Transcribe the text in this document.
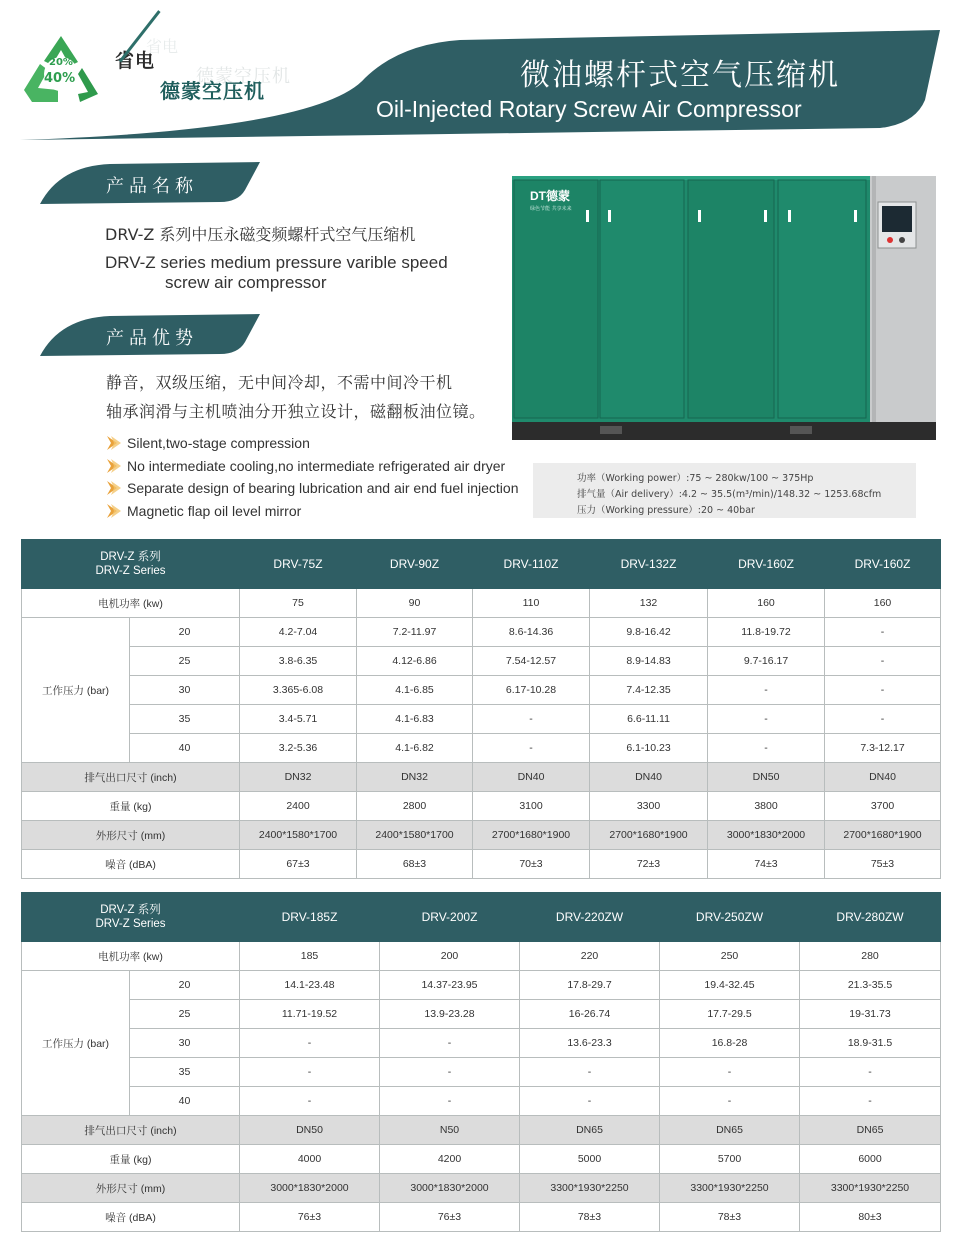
20%
40%
省电
德蒙空压机
省电
德蒙空压机	微油螺杆式空气压缩机
Oil-Injected Rotary Screw Air Compressor
产品名称
DRV-Z 系列中压永磁变频螺杆式空气压缩机
DRV-Z series medium pressure varible speed
screw air compressor
产品优势
静音，双级压缩，无中间冷却，不需中间冷干机
轴承润滑与主机喷油分开独立设计，磁翻板油位镜。
Silent,two-stage compression
No intermediate cooling,no intermediate refrigerated air dryer
Separate design of bearing lubrication and air end fuel injection
Magnetic flap oil level mirror
DT德蒙
绿色节能 共享未来
功率（Working power）:75 ~ 280kw/100 ~ 375Hp
排气量（Air delivery）:4.2 ~ 35.5(m³/min)/148.32 ~ 1253.68cfm
压力（Working pressure）:20 ~ 40bar
DRV-Z 系列
DRV-Z Series		DRV-75Z	DRV-90Z	DRV-110Z	DRV-132Z	DRV-160Z	DRV-160Z
电机功率 (kw)		75	90	110	132	160	160
工作压力 (bar)	20	4.2-7.04	7.2-11.97	8.6-14.36	9.8-16.42	11.8-19.72	-
	25	3.8-6.35	4.12-6.86	7.54-12.57	8.9-14.83	9.7-16.17	-
	30	3.365-6.08	4.1-6.85	6.17-10.28	7.4-12.35	-	-
	35	3.4-5.71	4.1-6.83	-	6.6-11.11	-	-
	40	3.2-5.36	4.1-6.82	-	6.1-10.23	-	7.3-12.17
排气出口尺寸 (inch)		DN32	DN32	DN40	DN40	DN50	DN40
重量 (kg)		2400	2800	3100	3300	3800	3700
外形尺寸 (mm)		2400*1580*1700	2400*1580*1700	2700*1680*1900	2700*1680*1900	3000*1830*2000	2700*1680*1900
噪音 (dBA)		67±3	68±3	70±3	72±3	74±3	75±3
DRV-Z 系列
DRV-Z Series		DRV-185Z	DRV-200Z	DRV-220ZW	DRV-250ZW	DRV-280ZW
电机功率 (kw)		185	200	220	250	280
工作压力 (bar)	20	14.1-23.48	14.37-23.95	17.8-29.7	19.4-32.45	21.3-35.5
	25	11.71-19.52	13.9-23.28	16-26.74	17.7-29.5	19-31.73
	30	-	-	13.6-23.3	16.8-28	18.9-31.5
	35	-	-	-	-	-
	40	-	-	-	-	-
排气出口尺寸 (inch)		DN50	N50	DN65	DN65	DN65
重量 (kg)		4000	4200	5000	5700	6000
外形尺寸 (mm)		3000*1830*2000	3000*1830*2000	3300*1930*2250	3300*1930*2250	3300*1930*2250
噪音 (dBA)		76±3	76±3	78±3	78±3	80±3
